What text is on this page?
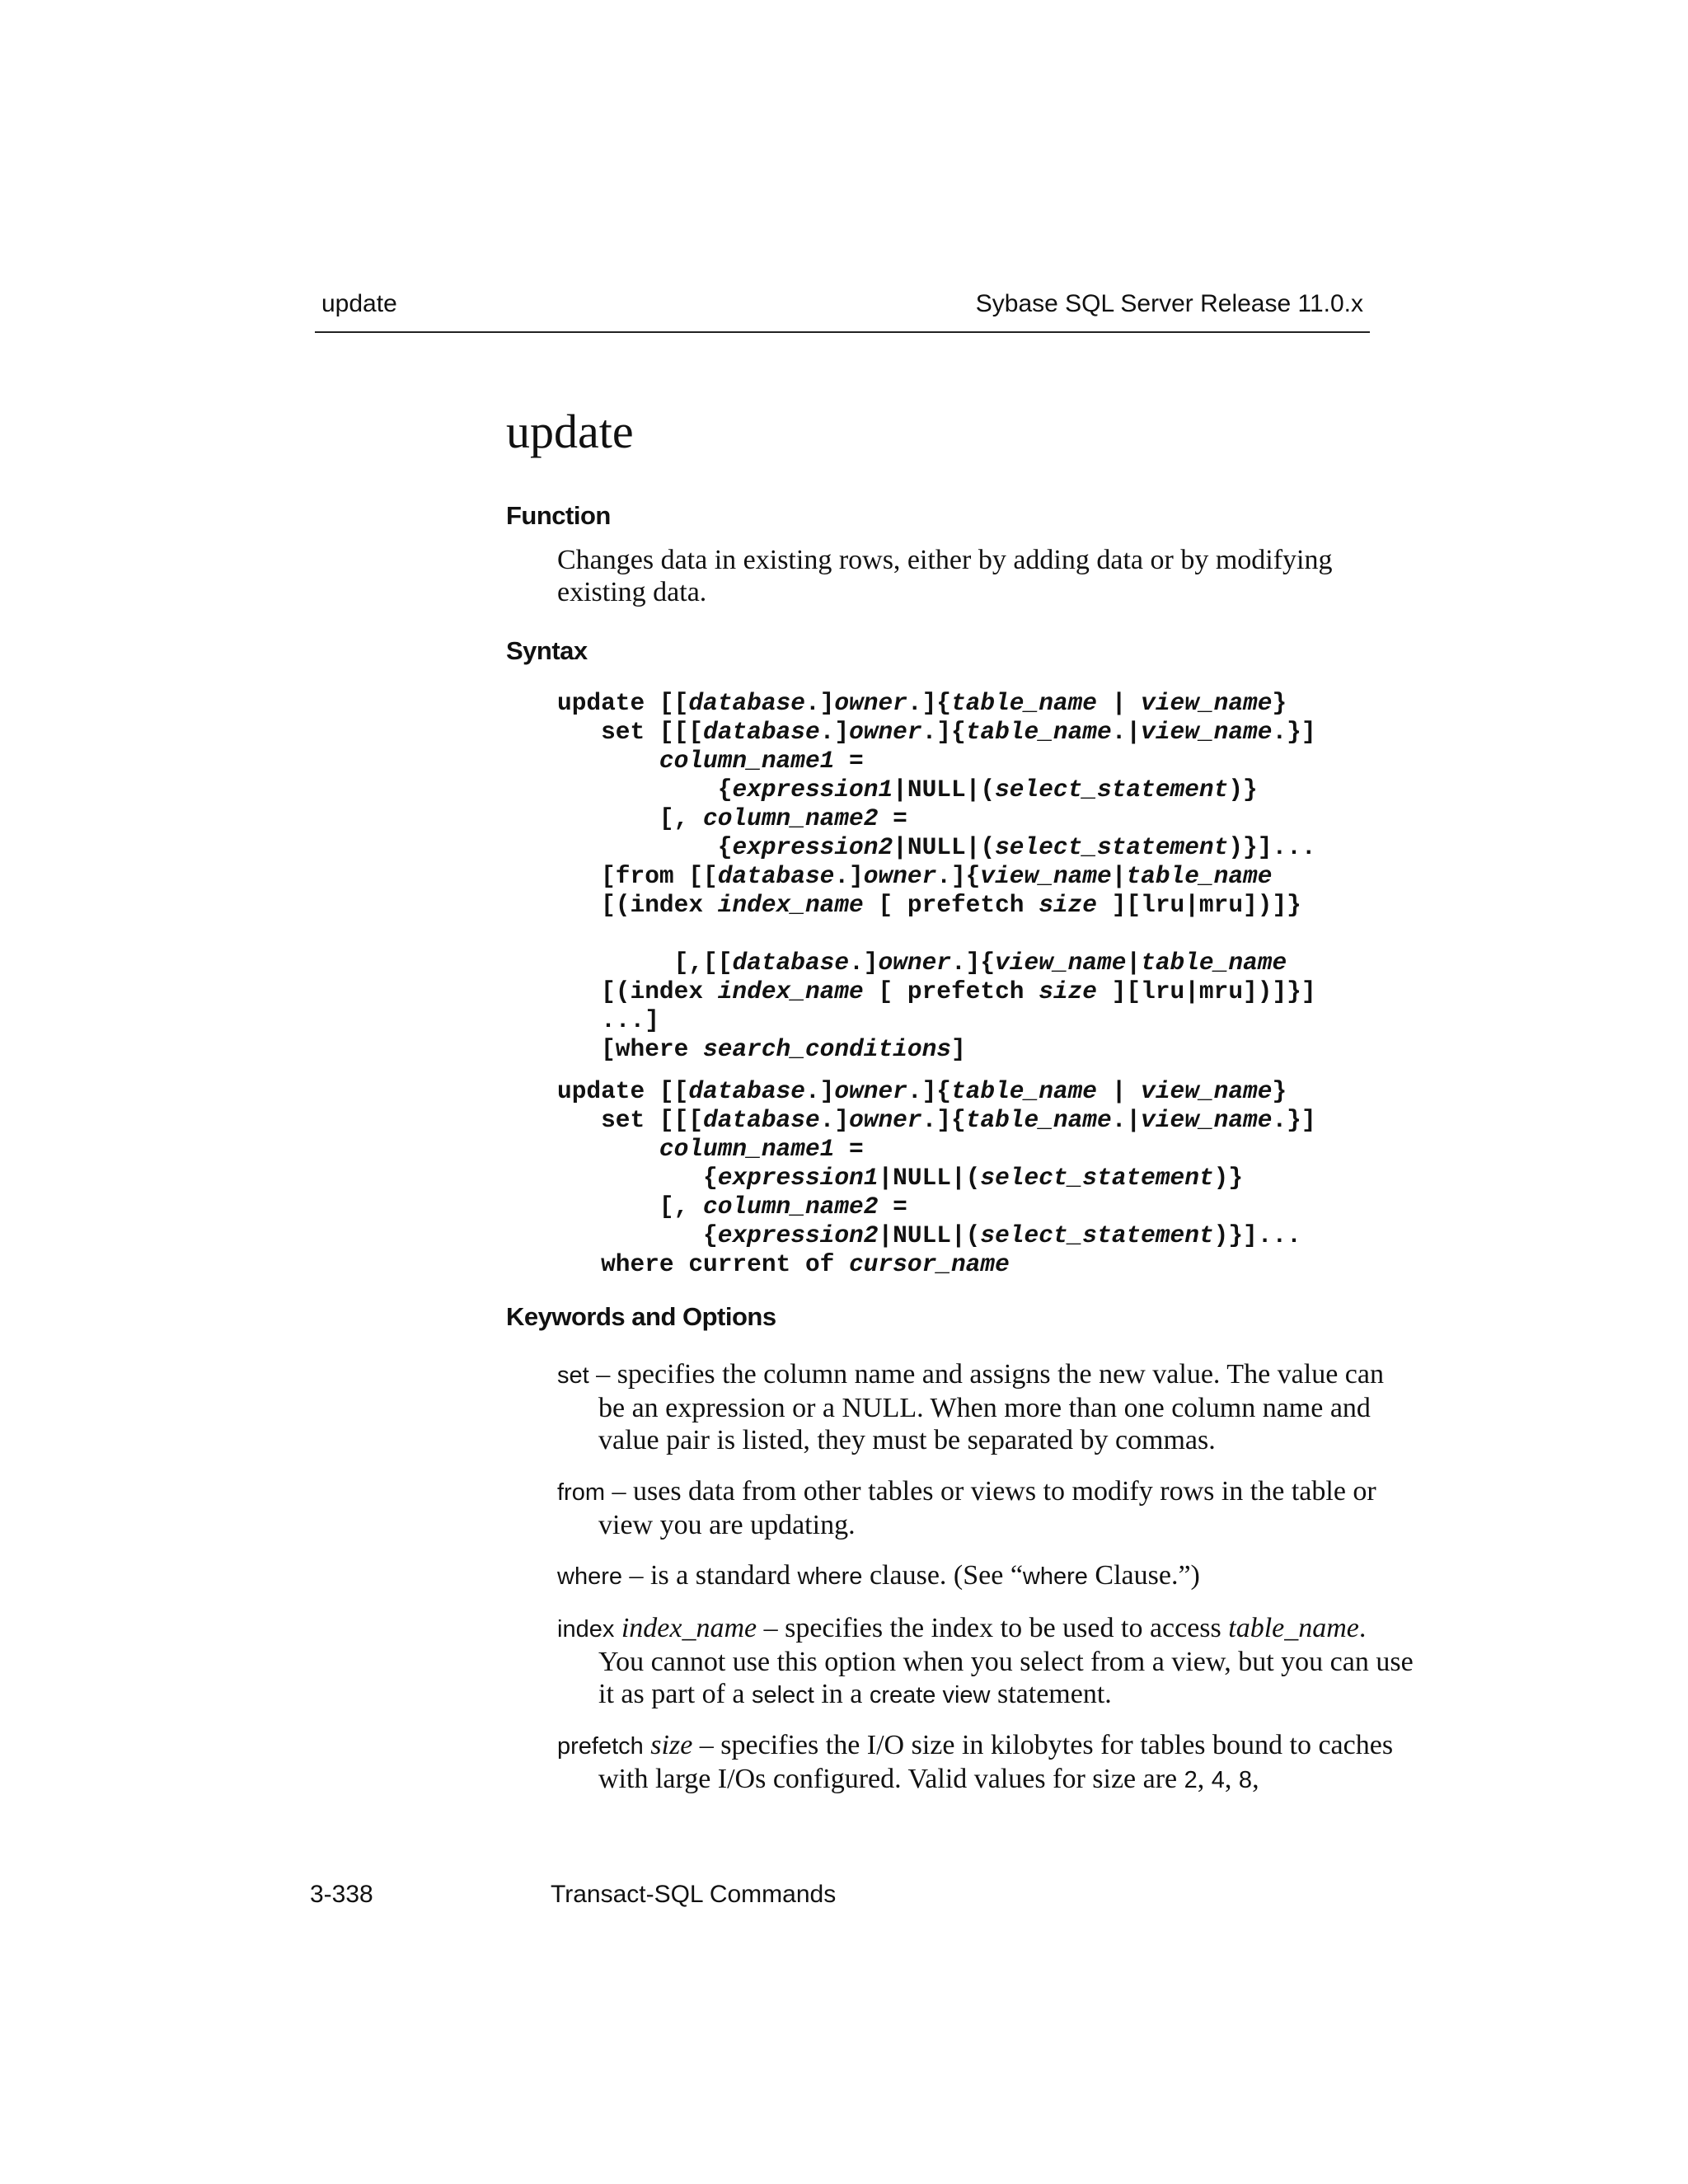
update	Sybase SQL Server Release 11.0.x
update
Function
Changes data in existing rows, either by adding data or by modifying existing data.
Syntax
update [[database.]owner.]{table_name | view_name}
set [[[database.]owner.]{table_name.|view_name.}]
column_name1 =
{expression1|NULL|(select_statement)}
[, column_name2 =
{expression2|NULL|(select_statement)}]...
[from [[database.]owner.]{view_name|table_name
[(index index_name [ prefetch size ][lru|mru])]}
[,[[database.]owner.]{view_name|table_name
[(index index_name [ prefetch size ][lru|mru])]}]
...]
[where search_conditions]
update [[database.]owner.]{table_name | view_name}
set [[[database.]owner.]{table_name.|view_name.}]
column_name1 =
{expression1|NULL|(select_statement)}
[, column_name2 =
{expression2|NULL|(select_statement)}]...
where current of cursor_name
Keywords and Options
set – specifies the column name and assigns the new value. The value can be an expression or a NULL. When more than one column name and value pair is listed, they must be separated by commas.
from – uses data from other tables or views to modify rows in the table or view you are updating.
where – is a standard where clause. (See “where Clause.”)
index index_name – specifies the index to be used to access table_name. You cannot use this option when you select from a view, but you can use it as part of a select in a create view statement.
prefetch size – specifies the I/O size in kilobytes for tables bound to caches with large I/Os configured. Valid values for size are 2, 4, 8,
3-338	Transact-SQL Commands
